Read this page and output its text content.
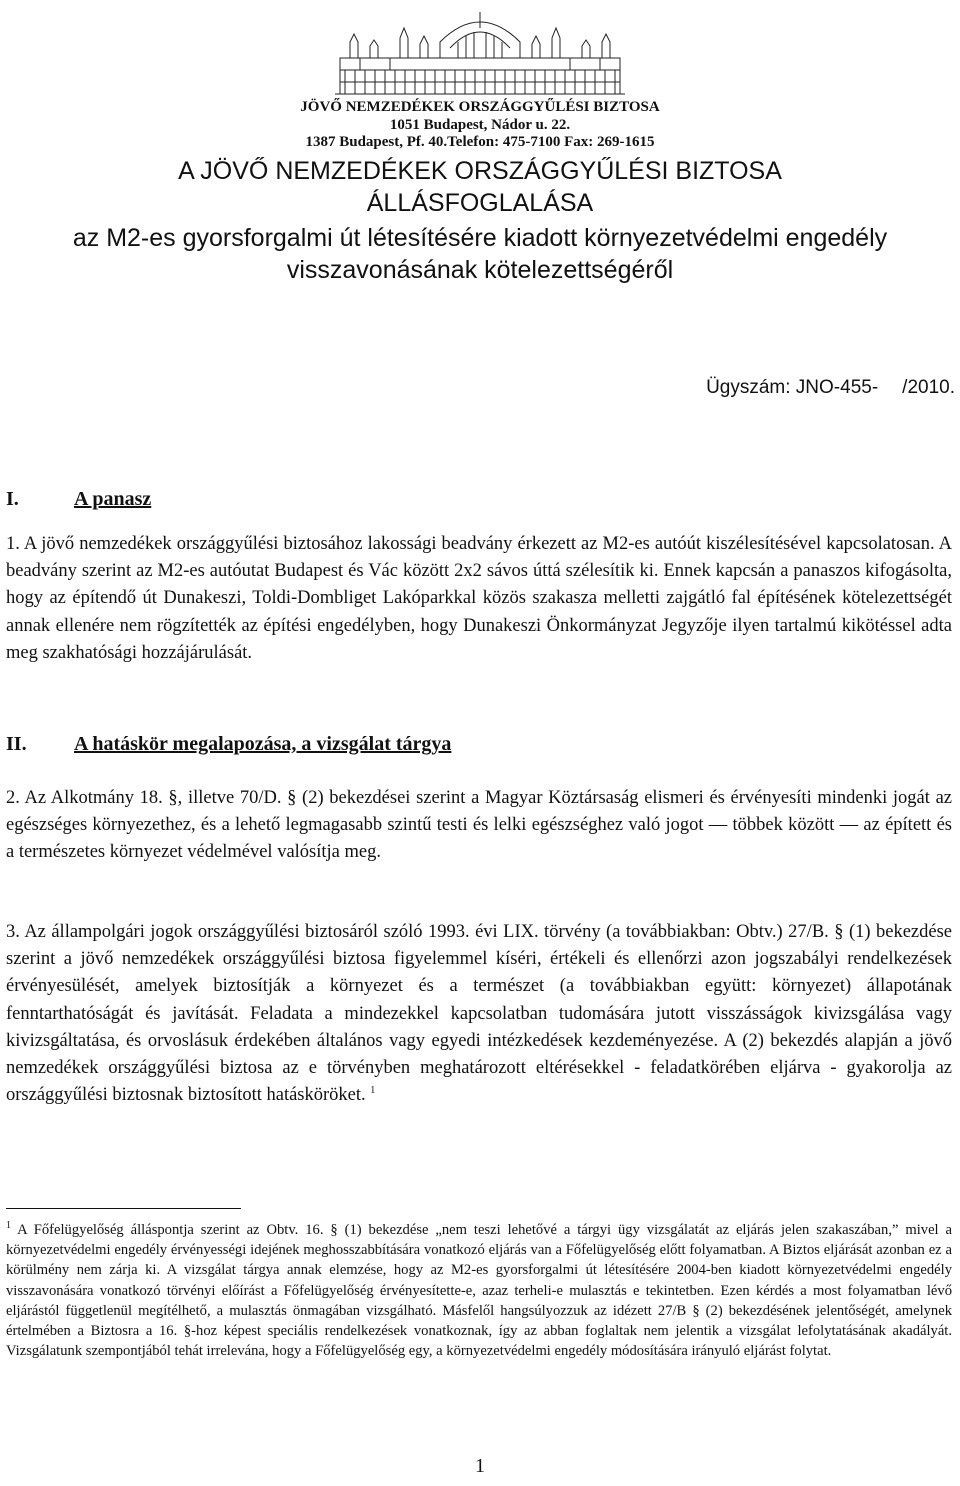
JÖVŐ NEMZEDÉKEK ORSZÁGGYŰLÉSI BIZTOSA
1051 Budapest, Nádor u. 22.
1387 Budapest, Pf. 40.Telefon: 475-7100 Fax: 269-1615
A JÖVŐ NEMZEDÉKEK ORSZÁGGYŰLÉSI BIZTOSA
ÁLLÁSFOGLALÁSA
az M2-es gyorsforgalmi út létesítésére kiadott környezetvédelmi engedély
visszavonásának kötelezettségéről
Ügyszám: JNO-455- /2010.
I.	A panasz
1. A jövő nemzedékek országgyűlési biztosához lakossági beadvány érkezett az M2-es autóút kiszélesítésével kapcsolatosan. A beadvány szerint az M2-es autóutat Budapest és Vác között 2x2 sávos úttá szélesítik ki. Ennek kapcsán a panaszos kifogásolta, hogy az építendő út Dunakeszi, Toldi-Dombliget Lakóparkkal közös szakasza melletti zajgátló fal építésének kötelezettségét annak ellenére nem rögzítették az építési engedélyben, hogy Dunakeszi Önkormányzat Jegyzője ilyen tartalmú kikötéssel adta meg szakhatósági hozzájárulását.
II. A hatáskör megalapozása, a vizsgálat tárgya
2. Az Alkotmány 18. §, illetve 70/D. § (2) bekezdései szerint a Magyar Köztársaság elismeri és érvényesíti mindenki jogát az egészséges környezethez, és a lehető legmagasabb szintű testi és lelki egészséghez való jogot — többek között — az épített és a természetes környezet védelmével valósítja meg.
3. Az állampolgári jogok országgyűlési biztosáról szóló 1993. évi LIX. törvény (a továbbiakban: Obtv.) 27/B. § (1) bekezdése szerint a jövő nemzedékek országgyűlési biztosa figyelemmel kíséri, értékeli és ellenőrzi azon jogszabályi rendelkezések érvényesülését, amelyek biztosítják a környezet és a természet (a továbbiakban együtt: környezet) állapotának fenntarthatóságát és javítását. Feladata a mindezekkel kapcsolatban tudomására jutott visszásságok kivizsgálása vagy kivizsgáltatása, és orvoslásuk érdekében általános vagy egyedi intézkedések kezdeményezése. A (2) bekezdés alapján a jövő nemzedékek országgyűlési biztosa az e törvényben meghatározott eltérésekkel - feladatkörében eljárva - gyakorolja az országgyűlési biztosnak biztosított hatásköröket. $^1$
$^1$ A Főfelügyelőség álláspontja szerint az Obtv. 16. § (1) bekezdése „nem teszi lehetővé a tárgyi ügy vizsgálatát az eljárás jelen szakaszában,” mivel a környezetvédelmi engedély érvényességi idejének meghosszabbítására vonatkozó eljárás van a Főfelügyelőség előtt folyamatban. A Biztos eljárását azonban ez a körülmény nem zárja ki. A vizsgálat tárgya annak elemzése, hogy az M2-es gyorsforgalmi út létesítésére 2004-ben kiadott környezetvédelmi engedély visszavonására vonatkozó törvényi előírást a Főfelügyelőség érvényesítette-e, azaz terheli-e mulasztás e tekintetben. Ezen kérdés a most folyamatban lévő eljárástól függetlenül megítélhető, a mulasztás önmagában vizsgálható. Másfelől hangsúlyozzuk az idézett 27/B § (2) bekezdésének jelentőségét, amelynek értelmében a Biztosra a 16. §-hoz képest speciális rendelkezések vonatkoznak, így az abban foglaltak nem jelentik a vizsgálat lefolytatásának akadályát. Vizsgálatunk szempontjából tehát irrelevána, hogy a Főfelügyelőség egy, a környezetvédelmi engedély módosítására irányuló eljárást folytat.
1
